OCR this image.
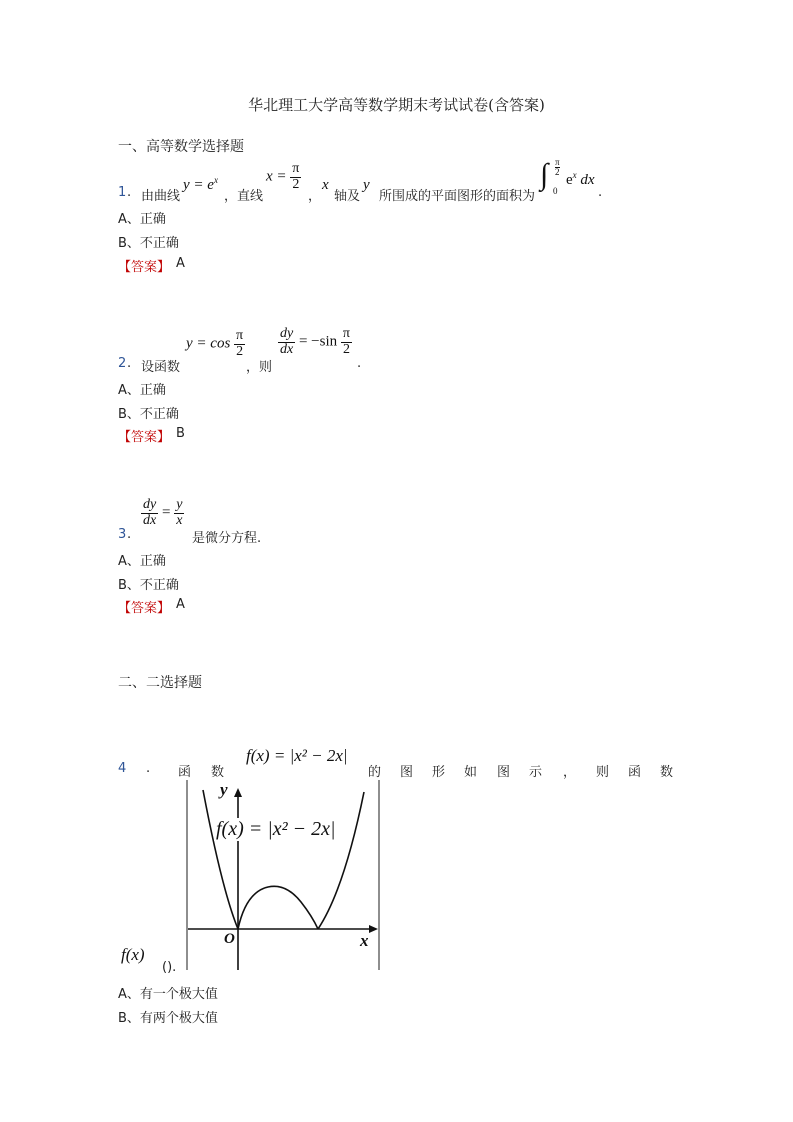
华北理工大学高等数学期末考试试卷(含答案)
一、高等数学选择题
1 . 由曲线
$y = e^x$
，直线
$x = \frac{\pi}{2}$
，
x
轴及
y
所围成的平面图形的面积为
∫ π
2
0
$e^x$ dx
.
A、正确
B、不正确
【答案】 A
2 . 设函数
$y = \cos \frac{\pi}{2}$
，则
$\frac{dy}{dx} = -\sin \frac{\pi}{2}$
.
A、正确
B、不正确
【答案】 B
3 .
$\frac{dy}{dx} = \frac{y}{x}$
是微分方程.
A、正确
B、不正确
【答案】 A
二、二选择题
4 . 函 数
f(x) = |x² − 2x|
的 图 形 如 图 示 ， 则 函 数
y
x
O
f(x) = |x² − 2x|
f(x)
().
A、有一个极大值
B、有两个极大值
